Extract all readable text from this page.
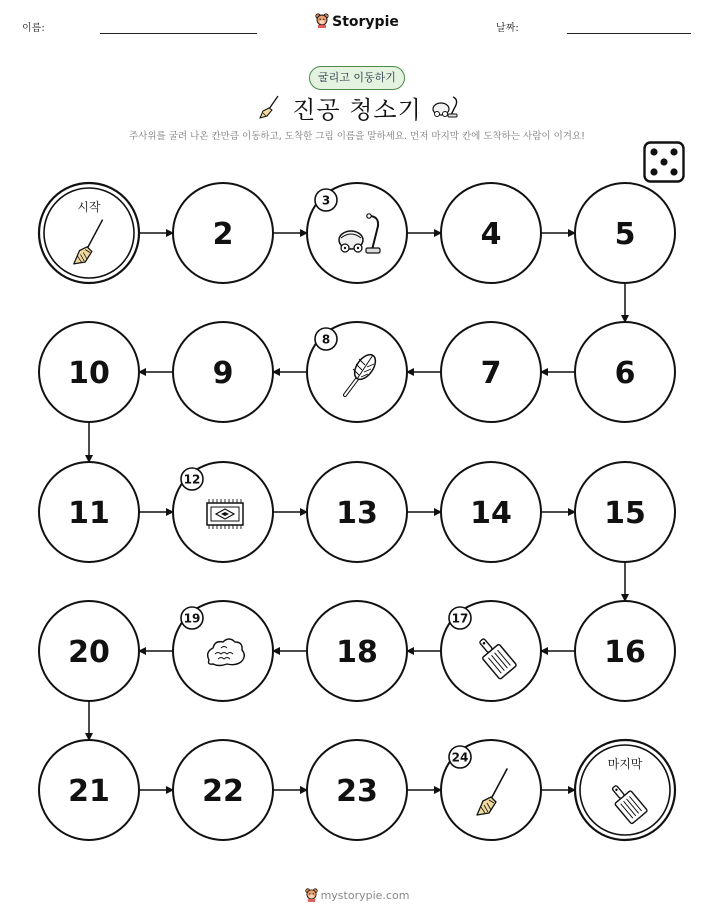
이름:	Storypie	날짜:
굴리고 이동하기
진공 청소기
주사위를 굴려 나온 칸만큼 이동하고, 도착한 그림 이름을 말하세요. 먼저 마지막 칸에 도착하는 사람이 이겨요!
시작
2
3
4	5
10	9
8
7	6
11
12
13	14	15
20
19
18
17
16
21	22	23
24	마지막
mystorypie.com
